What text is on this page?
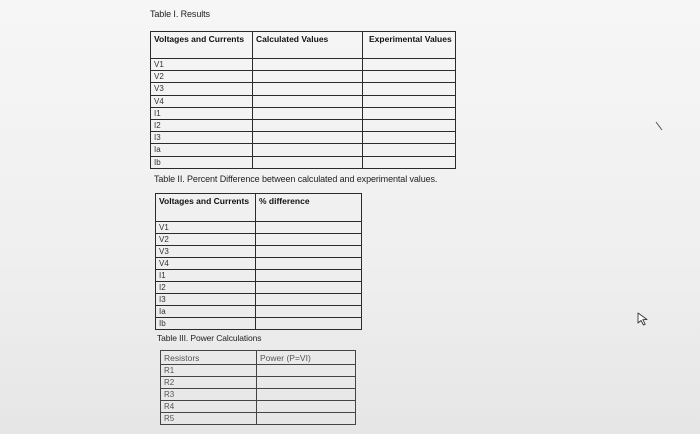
Table I. Results
Voltages and Currents	Calculated Values	Experimental Values
V1		
V2		
V3		
V4		
I1		
I2		
I3		
Ia		
Ib		
Table II. Percent Difference between calculated and experimental values.
Voltages and Currents	% difference
V1	
V2	
V3	
V4	
I1	
I2	
I3	
Ia	
Ib	
Table III. Power Calculations
Resistors	Power (P=VI)
R1	
R2	
R3	
R4	
R5	
